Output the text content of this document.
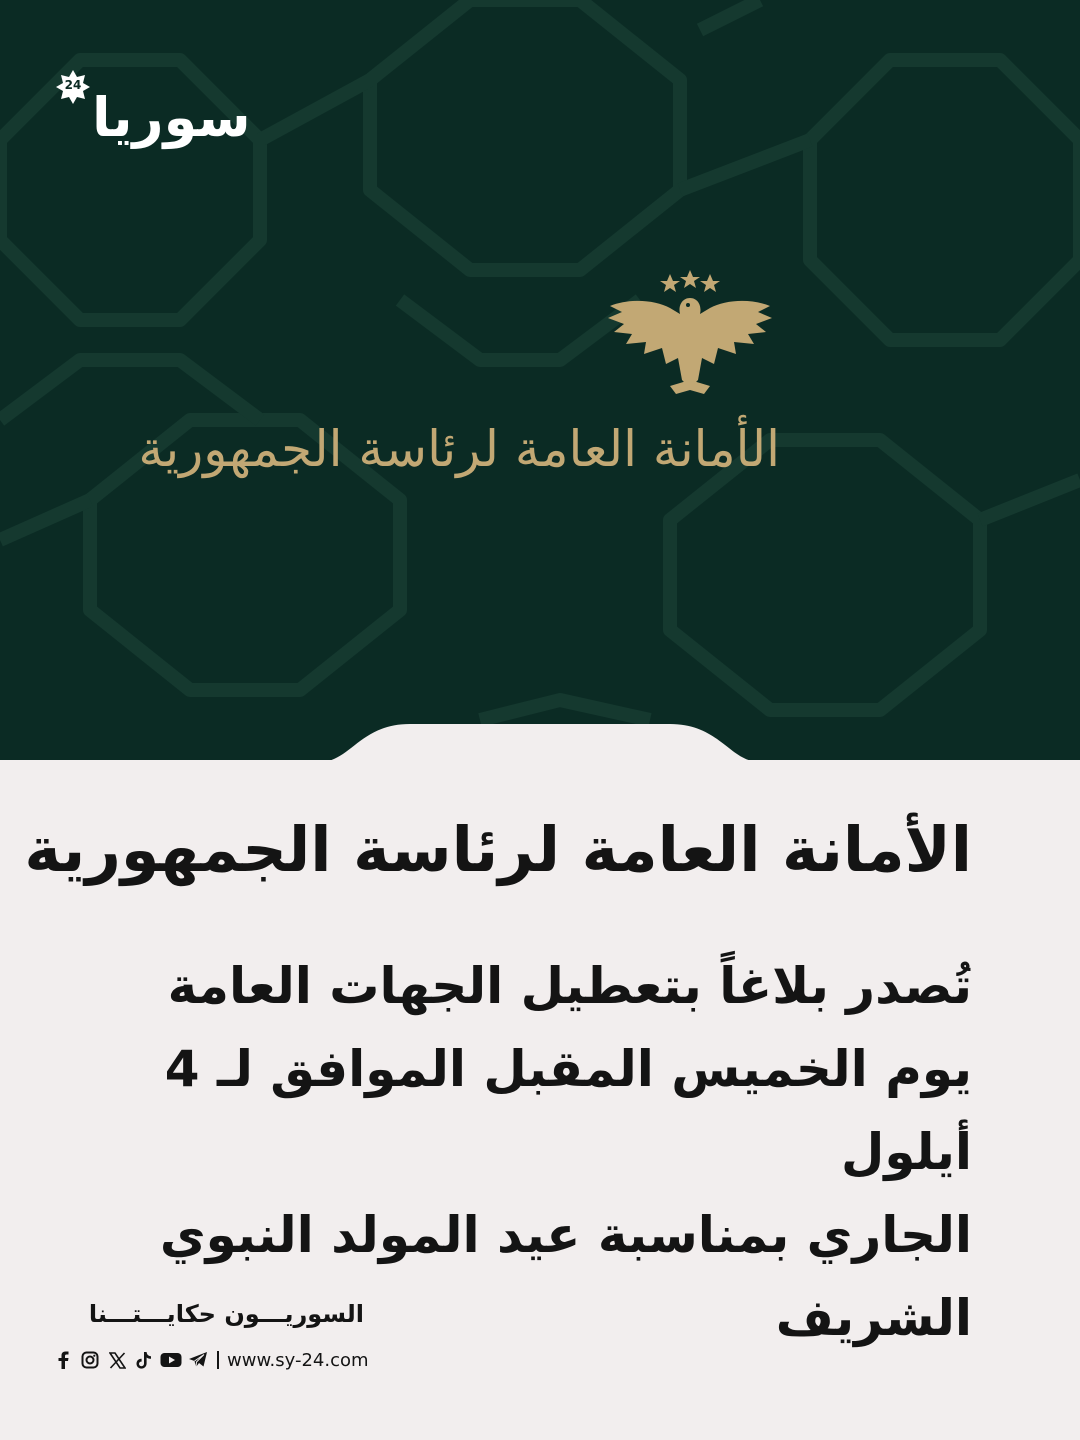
24
سوريا
الأمانة العامة لرئاسة الجمهورية
الأمانة العامة لرئاسة الجمهورية
تُصدر بلاغاً بتعطيل الجهات العامة
يوم الخميس المقبل الموافق لـ 4 أيلول
الجاري بمناسبة عيد المولد النبوي
الشريف
السوريـــون حكايـــتـــنا
www.sy-24.com
